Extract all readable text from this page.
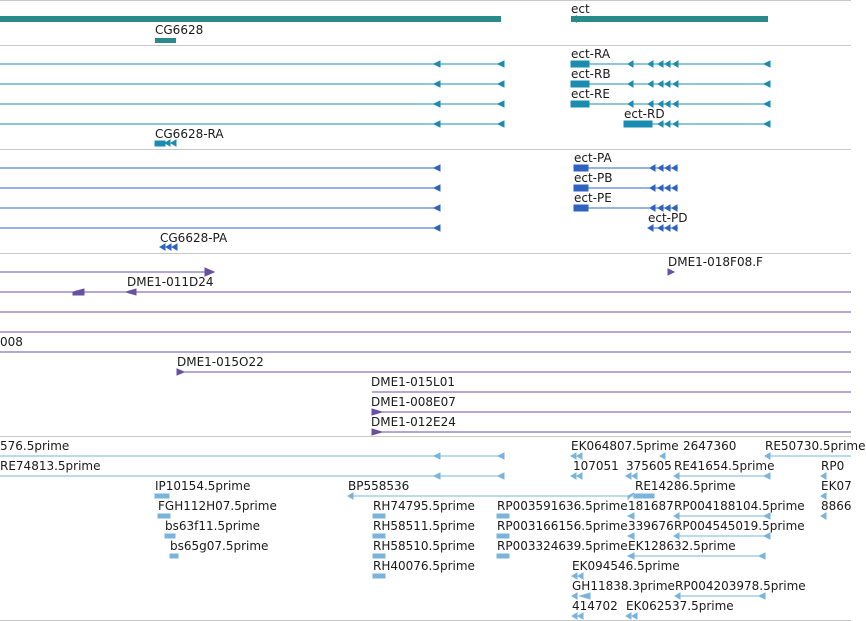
ect
CG6628
ect-RA
ect-RB
ect-RE
ect-RD
CG6628-RA
ect-PA
ect-PB
ect-PE
ect-PD
CG6628-PA
DME1-018F08.F
DME1-011D24
008
DME1-015O22
DME1-015L01
DME1-008E07
DME1-012E24
576.5prime	EK064807.5prime 2647360 RE50730.5prime
RE74813.5prime	107051 375605 RE41654.5prime	RP0
IP10154.5prime	BP558536	RE14286.5prime	EK07
FGH112H07.5prime	RH74795.5prime RP003591636.5prime 181687 RP004188104.5prime 8866
bs63f11.5prime	RH58511.5prime RP003166156.5prime 339676 RP004545019.5prime
bs65g07.5prime	RH58510.5prime RP003324639.5prime EK128632.5prime
RH40076.5prime	EK094546.5prime
GH11838.3prime RP004203978.5prime
414702 EK062537.5prime
